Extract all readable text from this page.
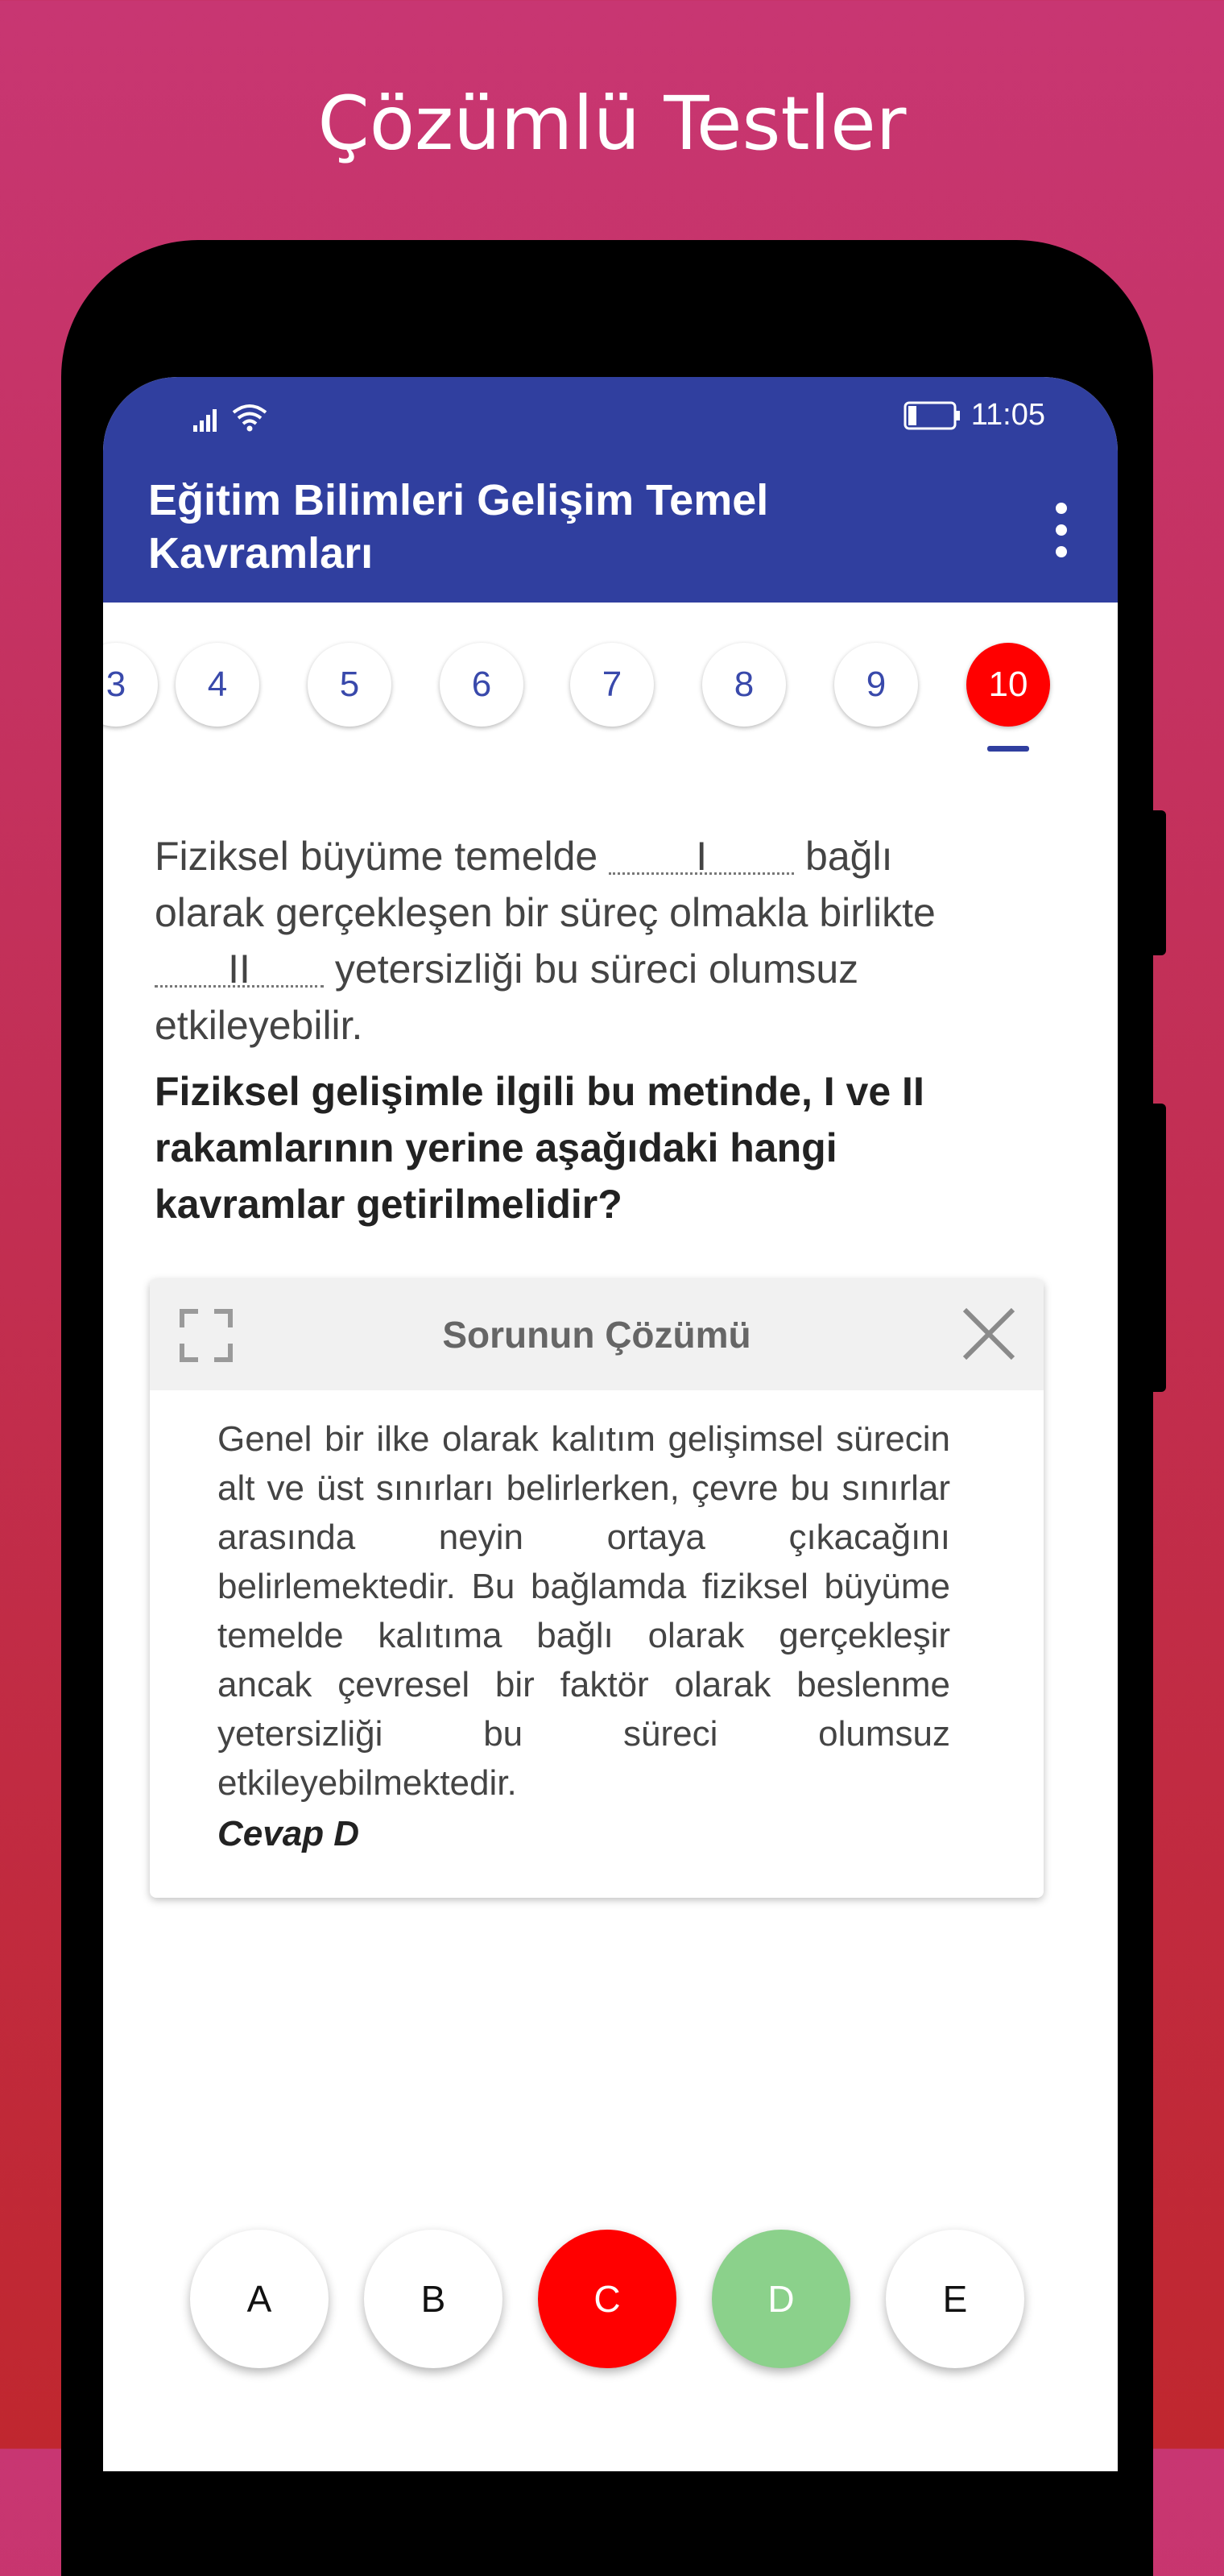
Çözümlü Testler
11:05
Eğitim Bilimleri Gelişim Temel Kavramları
3 4	5	6	7	8	9	10
Fiziksel büyüme temelde I bağlı olarak gerçekleşen bir süreç olmakla birlikte II yetersizliği bu süreci olumsuz etkileyebilir.
Fiziksel gelişimle ilgili bu metinde, I ve II rakamlarının yerine aşağıdaki hangi kavramlar getirilmelidir?
Sorunun Çözümü
Genel bir ilke olarak kalıtım gelişimsel sürecin alt ve üst sınırları belirlerken, çevre bu sınırlar arasında neyin ortaya çıkacağını belirlemektedir. Bu bağlamda fiziksel büyüme temelde kalıtıma bağlı olarak gerçekleşir ancak çevresel bir faktör olarak beslenme yetersizliği bu süreci olumsuz etkileyebilmektedir.
Cevap D
A	B	C	D	E
